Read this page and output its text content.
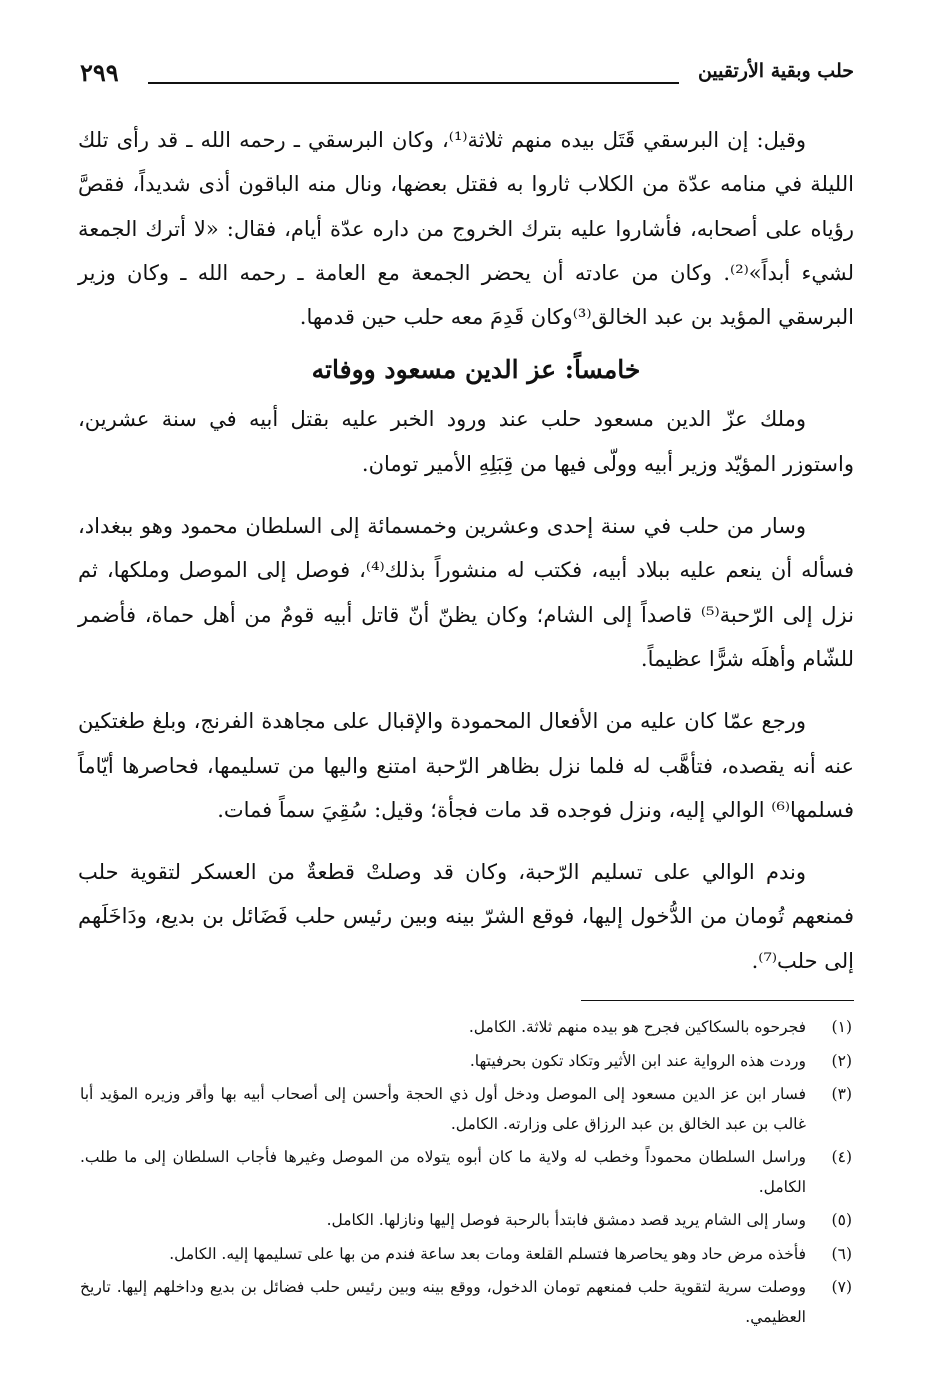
حلب وبقية الأرتقيين
٢٩٩

وقيل: إن البرسقي قَتَل بيده منهم ثلاثة⁽¹⁾، وكان البرسقي ـ رحمه الله ـ قد رأى تلك الليلة في منامه عدّة من الكلاب ثاروا به فقتل بعضها، ونال منه الباقون أذى شديداً، فقصَّ رؤياه على أصحابه، فأشاروا عليه بترك الخروج من داره عدّة أيام، فقال: «لا أترك الجمعة لشيء أبداً»⁽²⁾. وكان من عادته أن يحضر الجمعة مع العامة ـ رحمه الله ـ وكان وزير البرسقي المؤيد بن عبد الخالق⁽³⁾وكان قَدِمَ معه حلب حين قدمها.

خامساً: عز الدين مسعود ووفاته

وملك عزّ الدين مسعود حلب عند ورود الخبر عليه بقتل أبيه في سنة عشرين، واستوزر المؤيّد وزير أبيه وولّى فيها من قِبَلِهِ الأمير تومان.

وسار من حلب في سنة إحدى وعشرين وخمسمائة إلى السلطان محمود وهو ببغداد، فسأله أن ينعم عليه ببلاد أبيه، فكتب له منشوراً بذلك⁽⁴⁾، فوصل إلى الموصل وملكها، ثم نزل إلى الرّحبة⁽⁵⁾ قاصداً إلى الشام؛ وكان يظنّ أنّ قاتل أبيه قومٌ من أهل حماة، فأضمر للشّام وأهلَه شرًّا عظيماً.

ورجع عمّا كان عليه من الأفعال المحمودة والإقبال على مجاهدة الفرنج، وبلغ طغتكين عنه أنه يقصده، فتأهَّب له فلما نزل بظاهر الرّحبة امتنع واليها من تسليمها، فحاصرها أيّاماً فسلمها⁽⁶⁾ الوالي إليه، ونزل فوجده قد مات فجأة؛ وقيل: سُقِيَ سماً فمات.

وندم الوالي على تسليم الرّحبة، وكان قد وصلتْ قطعةٌ من العسكر لتقوية حلب فمنعهم تُومان من الدُّخول إليها، فوقع الشرّ بينه وبين رئيس حلب فَضَائل بن بديع، ودَاخَلَهم إلى حلب⁽⁷⁾.

(١)
فجرحوه بالسكاكين فجرح هو بيده منهم ثلاثة. الكامل.

(٢)
وردت هذه الرواية عند ابن الأثير وتكاد تكون بحرفيتها.

(٣)
فسار ابن عز الدين مسعود إلى الموصل ودخل أول ذي الحجة وأحسن إلى أصحاب أبيه بها وأقر وزيره المؤيد أبا غالب بن عبد الخالق بن عبد الرزاق على وزارته. الكامل.

(٤)
وراسل السلطان محموداً وخطب له ولاية ما كان أبوه يتولاه من الموصل وغيرها فأجاب السلطان إلى ما طلب. الكامل.

(٥)
وسار إلى الشام يريد قصد دمشق فابتدأ بالرحبة فوصل إليها ونازلها. الكامل.

(٦)
فأخذه مرض حاد وهو يحاصرها فتسلم القلعة ومات بعد ساعة فندم من بها على تسليمها إليه. الكامل.

(٧)
ووصلت سرية لتقوية حلب فمنعهم تومان الدخول، ووقع بينه وبين رئيس حلب فضائل بن بديع وداخلهم إليها. تاريخ العظيمي.
